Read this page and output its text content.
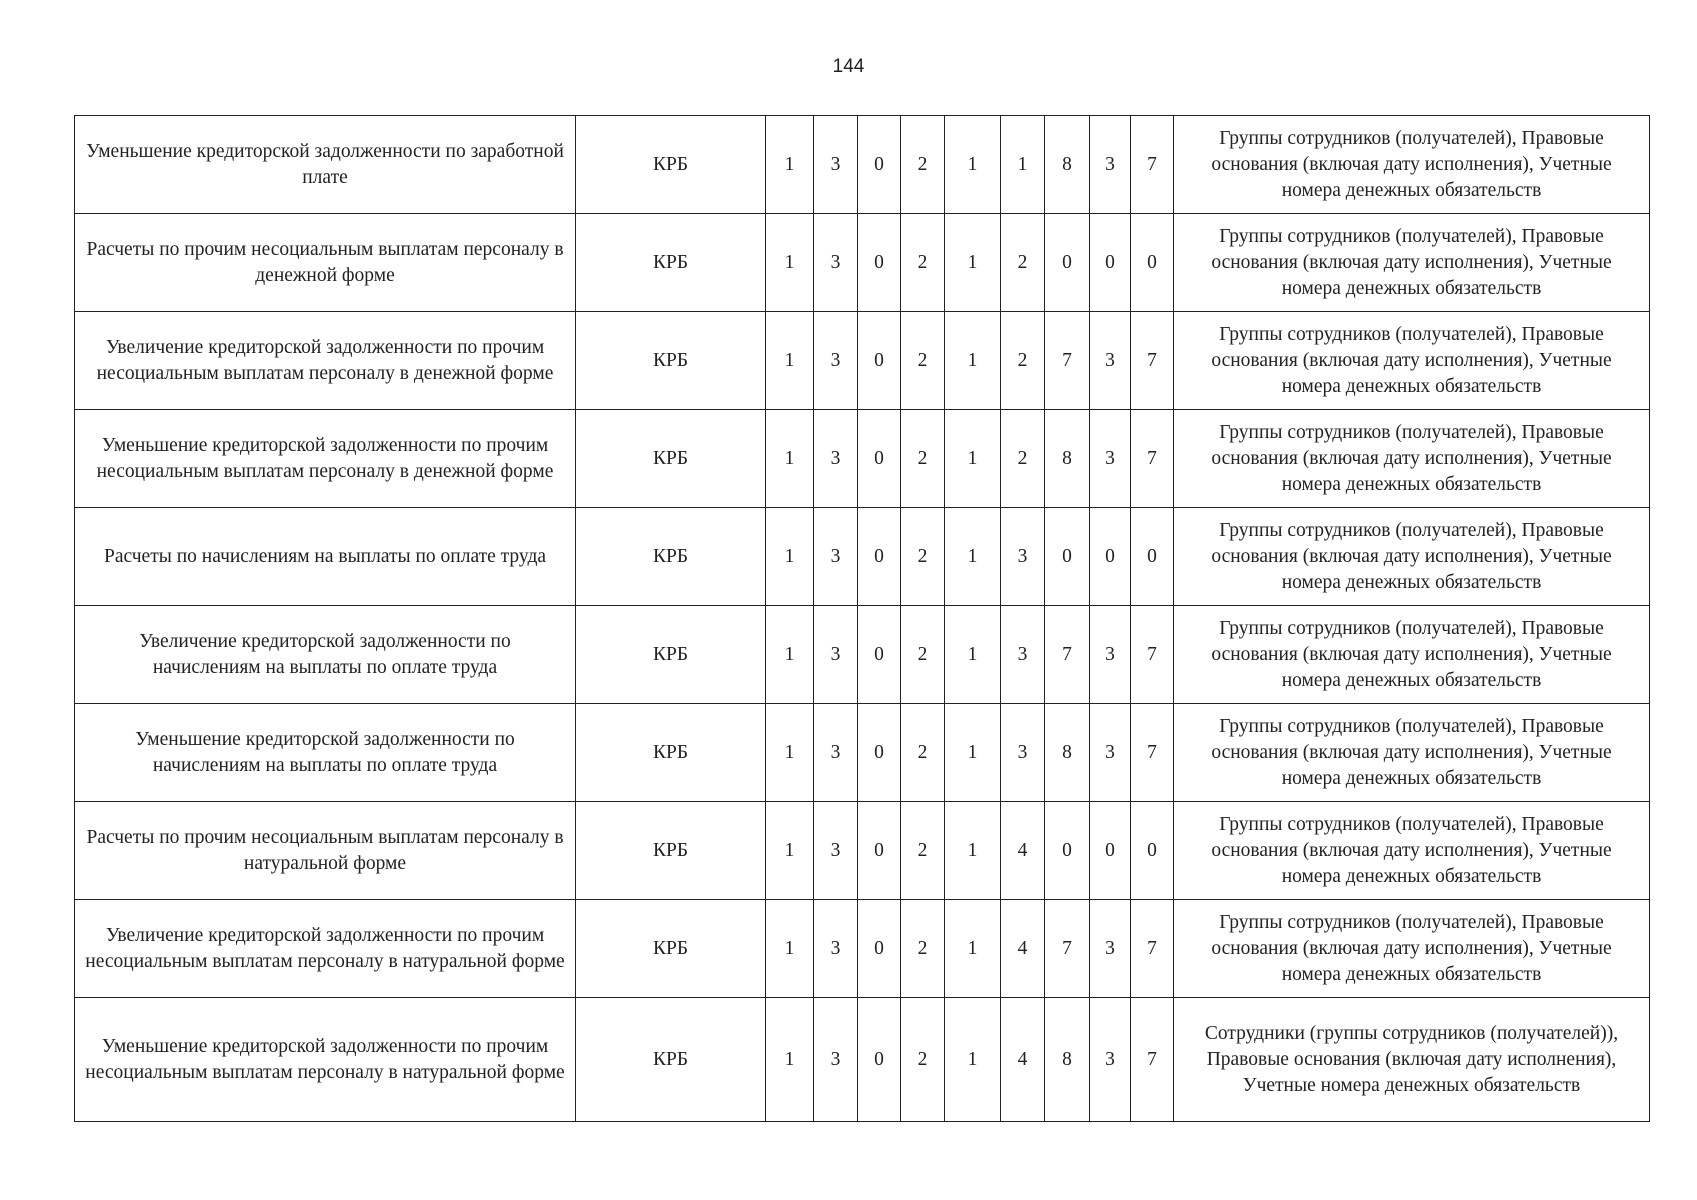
144
Уменьшение кредиторской задолженности по заработной плате	КРБ	1	3	0	2	1	1	8	3	7	Группы сотрудников (получателей), Правовые основания (включая дату исполнения), Учетные номера денежных обязательств
Расчеты по прочим несоциальным выплатам персоналу в денежной форме	КРБ	1	3	0	2	1	2	0	0	0	Группы сотрудников (получателей), Правовые основания (включая дату исполнения), Учетные номера денежных обязательств
Увеличение кредиторской задолженности по прочим несоциальным выплатам персоналу в денежной форме	КРБ	1	3	0	2	1	2	7	3	7	Группы сотрудников (получателей), Правовые основания (включая дату исполнения), Учетные номера денежных обязательств
Уменьшение кредиторской задолженности по прочим несоциальным выплатам персоналу в денежной форме	КРБ	1	3	0	2	1	2	8	3	7	Группы сотрудников (получателей), Правовые основания (включая дату исполнения), Учетные номера денежных обязательств
Расчеты по начислениям на выплаты по оплате труда	КРБ	1	3	0	2	1	3	0	0	0	Группы сотрудников (получателей), Правовые основания (включая дату исполнения), Учетные номера денежных обязательств
Увеличение кредиторской задолженности по начислениям на выплаты по оплате труда	КРБ	1	3	0	2	1	3	7	3	7	Группы сотрудников (получателей), Правовые основания (включая дату исполнения), Учетные номера денежных обязательств
Уменьшение кредиторской задолженности по начислениям на выплаты по оплате труда	КРБ	1	3	0	2	1	3	8	3	7	Группы сотрудников (получателей), Правовые основания (включая дату исполнения), Учетные номера денежных обязательств
Расчеты по прочим несоциальным выплатам персоналу в натуральной форме	КРБ	1	3	0	2	1	4	0	0	0	Группы сотрудников (получателей), Правовые основания (включая дату исполнения), Учетные номера денежных обязательств
Увеличение кредиторской задолженности по прочим несоциальным выплатам персоналу в натуральной форме	КРБ	1	3	0	2	1	4	7	3	7	Группы сотрудников (получателей), Правовые основания (включая дату исполнения), Учетные номера денежных обязательств
Уменьшение кредиторской задолженности по прочим несоциальным выплатам персоналу в натуральной форме	КРБ	1	3	0	2	1	4	8	3	7	Сотрудники (группы сотрудников (получателей)), Правовые основания (включая дату исполнения), Учетные номера денежных обязательств
